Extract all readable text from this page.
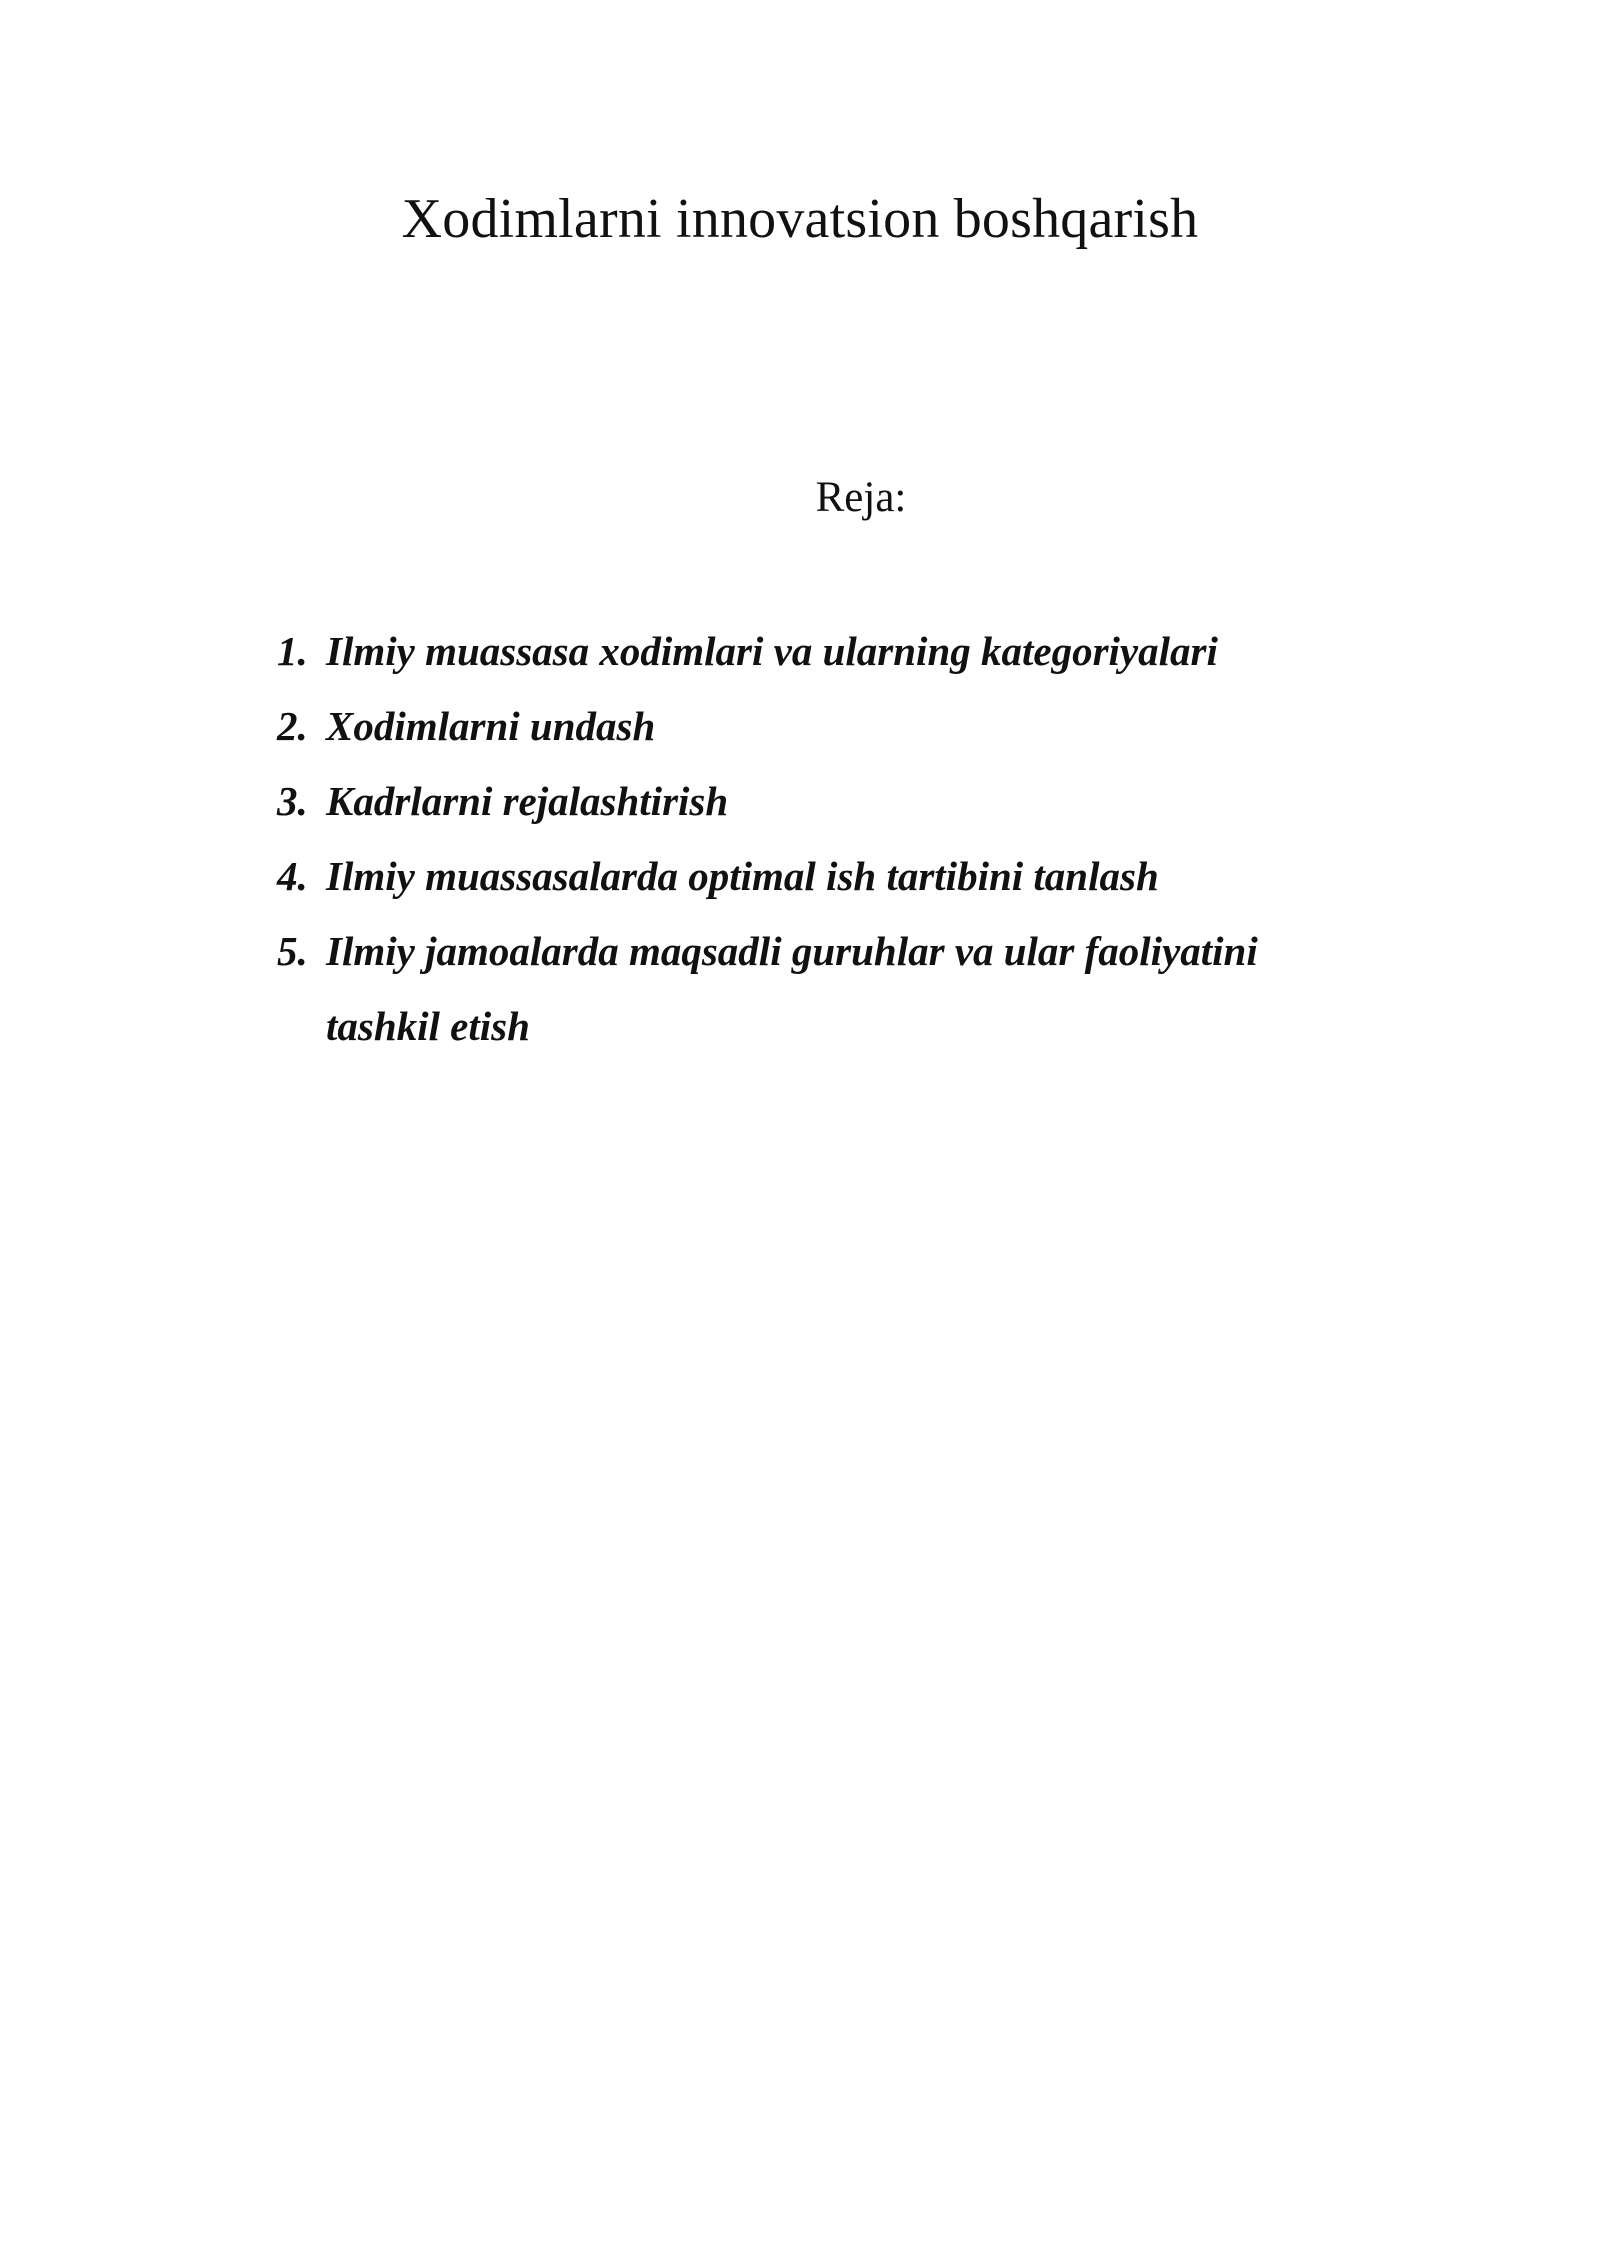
Xodimlarni innovatsion boshqarish
Reja:
1. Ilmiy muassasa xodimlari va ularning kategoriyalari
2. Xodimlarni undash
3. Kadrlarni rejalashtirish
4. Ilmiy muassasalarda optimal ish tartibini tanlash
5. Ilmiy jamoalarda maqsadli guruhlar va ular faoliyatini tashkil etish
